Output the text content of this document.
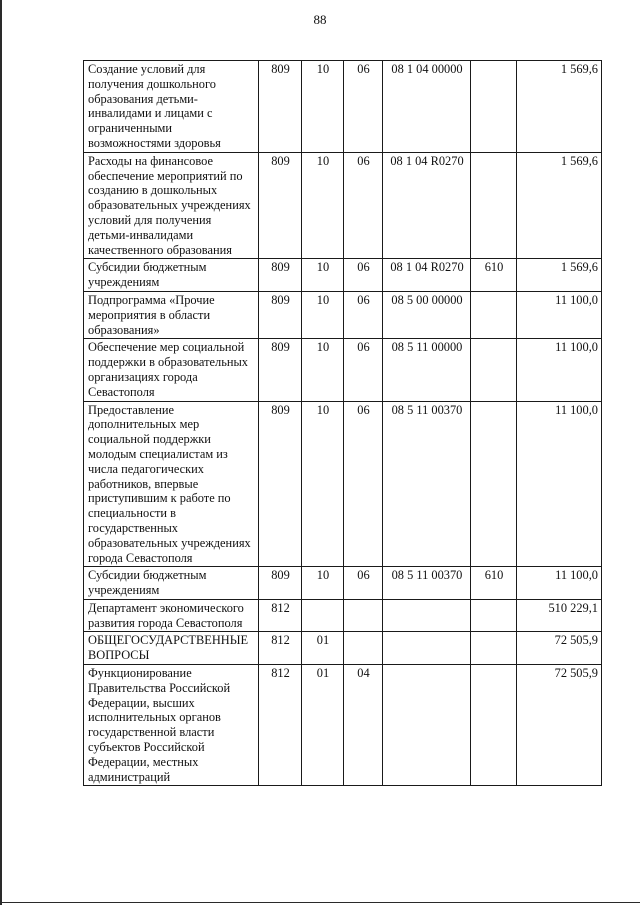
88
Создание условий для получения дошкольного образования детьми-инвалидами и лицами с ограниченными возможностями здоровья	809	10	06	08 1 04 00000		1 569,6
Расходы на финансовое обеспечение мероприятий по созданию в дошкольных образовательных учреждениях условий для получения детьми-инвалидами качественного образования	809	10	06	08 1 04 R0270		1 569,6
Субсидии бюджетным учреждениям	809	10	06	08 1 04 R0270	610	1 569,6
Подпрограмма «Прочие мероприятия в области образования»	809	10	06	08 5 00 00000		11 100,0
Обеспечение мер социальной поддержки в образовательных организациях города Севастополя	809	10	06	08 5 11 00000		11 100,0
Предоставление дополнительных мер социальной поддержки молодым специалистам из числа педагогических работников, впервые приступившим к работе по специальности в государственных образовательных учреждениях города Севастополя	809	10	06	08 5 11 00370		11 100,0
Субсидии бюджетным учреждениям	809	10	06	08 5 11 00370	610	11 100,0
Департамент экономического развития города Севастополя	812					510 229,1
ОБЩЕГОСУДАРСТВЕННЫЕ ВОПРОСЫ	812	01				72 505,9
Функционирование Правительства Российской Федерации, высших исполнительных органов государственной власти субъектов Российской Федерации, местных администраций	812	01	04			72 505,9
